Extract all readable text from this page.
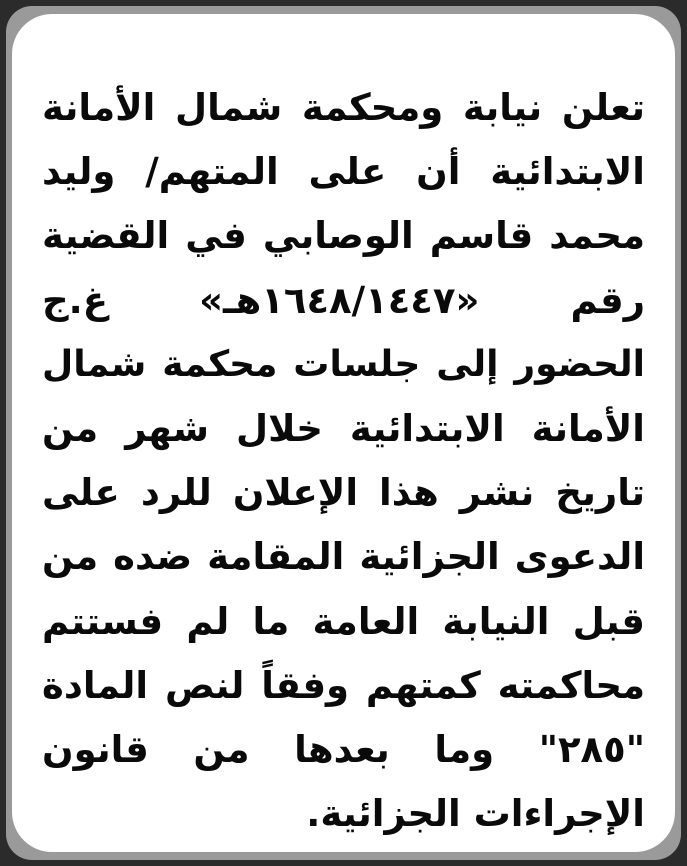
تعلن نيابة ومحكمة شمال الأمانة
الابتدائية أن على المتهم/ وليد
محمد قاسم الوصابي في القضية
رقم «١٦٤٨/١٤٤٧هـ» غ.ج
الحضور إلى جلسات محكمة شمال
الأمانة الابتدائية خلال شهر من
تاريخ نشر هذا الإعلان للرد على
الدعوى الجزائية المقامة ضده من
قبل النيابة العامة ما لم فستتم
محاكمته كمتهم وفقاً لنص المادة
"٢٨٥" وما بعدها من قانون
الإجراءات الجزائية.
